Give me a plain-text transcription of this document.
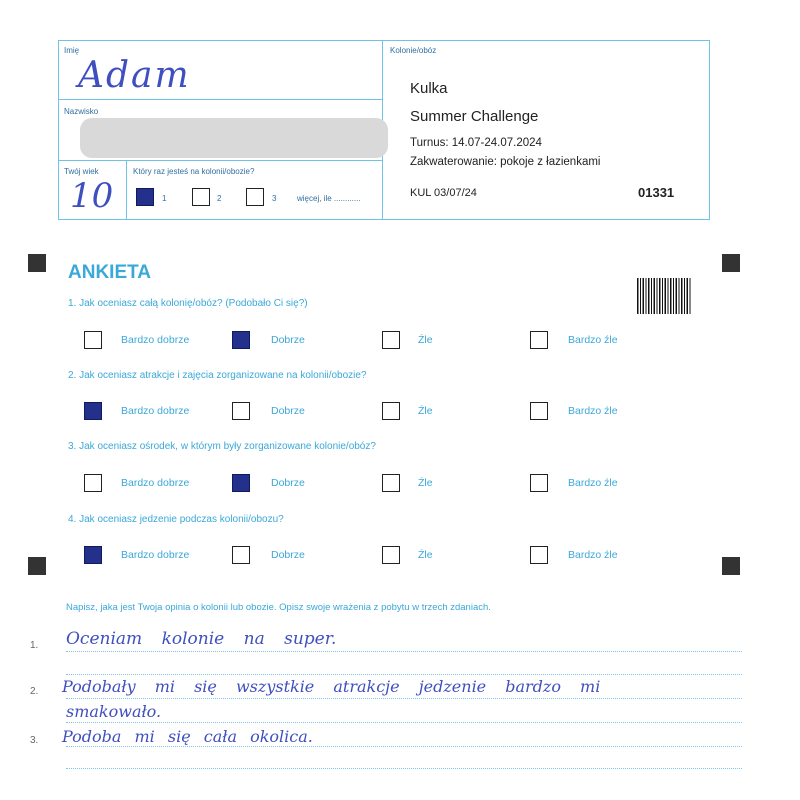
Imię
Adam
Nazwisko
Twój wiek
10
Który raz jesteś na kolonii/obozie?
1	2	3	więcej, ile ............
Kolonie/obóz
Kulka
Summer Challenge
Turnus: 14.07-24.07.2024
Zakwaterowanie: pokoje z łazienkami
KUL 03/07/24	01331
ANKIETA
1. Jak oceniasz całą kolonię/obóz? (Podobało Ci się?)
2. Jak oceniasz atrakcje i zajęcia zorganizowane na kolonii/obozie?
3. Jak oceniasz ośrodek, w którym były zorganizowane kolonie/obóz?
4. Jak oceniasz jedzenie podczas kolonii/obozu?
Bardzo dobrze	Dobrze	Źle	Bardzo źle
Bardzo dobrze	Dobrze	Źle	Bardzo źle
Bardzo dobrze	Dobrze	Źle	Bardzo źle
Bardzo dobrze	Dobrze	Źle	Bardzo źle
Napisz, jaka jest Twoja opinia o kolonii lub obozie. Opisz swoje wrażenia z pobytu w trzech zdaniach.
1.
2.
3.
Oceniam kolonie na super.
Podobały mi się wszystkie atrakcje jedzenie bardzo mi
smakowało.
Podoba mi się cała okolica.
